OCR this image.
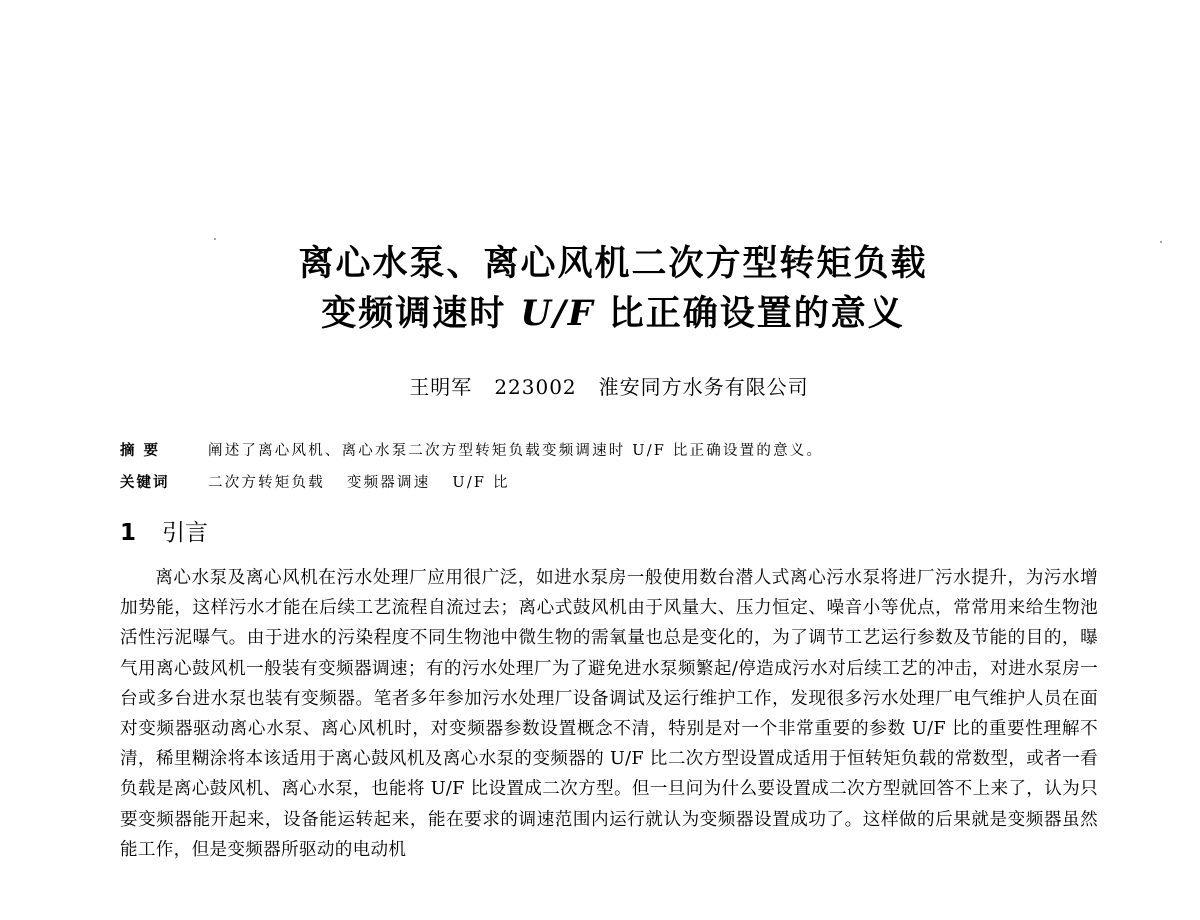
离心水泵、离心风机二次方型转矩负载
变频调速时 U/F 比正确设置的意义
王明军 223002 淮安同方水务有限公司
摘 要	阐述了离心风机、离心水泵二次方型转矩负载变频调速时 U/F 比正确设置的意义。
关键词	二次方转矩负载 变频器调速 U/F 比
1 引言

离心水泵及离心风机在污水处理厂应用很广泛，如进水泵房一般使用数台潜人式离心污水泵将进厂污水提升，为污水增加势能，这样污水才能在后续工艺流程自流过去；离心式鼓风机由于风量大、压力恒定、噪音小等优点，常常用来给生物池活性污泥曝气。由于进水的污染程度不同生物池中微生物的需氧量也总是变化的，为了调节工艺运行参数及节能的目的，曝气用离心鼓风机一般装有变频器调速；有的污水处理厂为了避免进水泵频繁起/停造成污水对后续工艺的冲击，对进水泵房一台或多台进水泵也装有变频器。笔者多年参加污水处理厂设备调试及运行维护工作，发现很多污水处理厂电气维护人员在面对变频器驱动离心水泵、离心风机时，对变频器参数设置概念不清，特别是对一个非常重要的参数 U/F 比的重要性理解不清，稀里糊涂将本该适用于离心鼓风机及离心水泵的变频器的 U/F 比二次方型设置成适用于恒转矩负载的常数型，或者一看负载是离心鼓风机、离心水泵，也能将 U/F 比设置成二次方型。但一旦问为什么要设置成二次方型就回答不上来了，认为只要变频器能开起来，设备能运转起来，能在要求的调速范围内运行就认为变频器设置成功了。这样做的后果就是变频器虽然能工作，但是变频器所驱动的电动机
